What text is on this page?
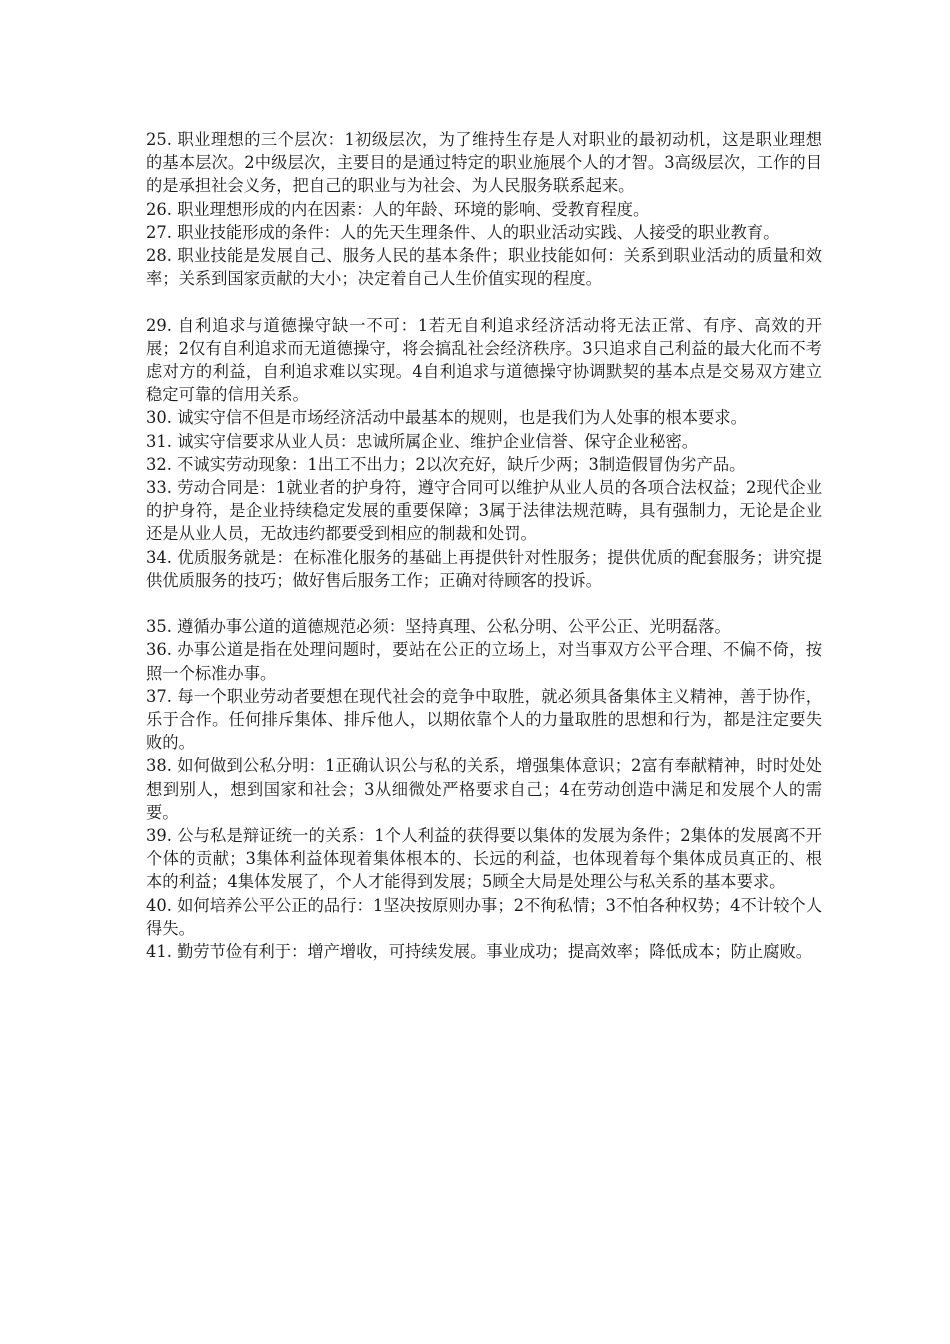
25. 职业理想的三个层次：1初级层次，为了维持生存是人对职业的最初动机，这是职业理想的基本层次。2中级层次，主要目的是通过特定的职业施展个人的才智。3高级层次，工作的目的是承担社会义务，把自己的职业与为社会、为人民服务联系起来。

26. 职业理想形成的内在因素：人的年龄、环境的影响、受教育程度。

27. 职业技能形成的条件：人的先天生理条件、人的职业活动实践、人接受的职业教育。

28. 职业技能是发展自己、服务人民的基本条件；职业技能如何：关系到职业活动的质量和效率；关系到国家贡献的大小；决定着自己人生价值实现的程度。

29. 自利追求与道德操守缺一不可：1若无自利追求经济活动将无法正常、有序、高效的开展；2仅有自利追求而无道德操守，将会搞乱社会经济秩序。3只追求自己利益的最大化而不考虑对方的利益，自利追求难以实现。4自利追求与道德操守协调默契的基本点是交易双方建立稳定可靠的信用关系。

30. 诚实守信不但是市场经济活动中最基本的规则，也是我们为人处事的根本要求。

31. 诚实守信要求从业人员：忠诚所属企业、维护企业信誉、保守企业秘密。

32. 不诚实劳动现象：1出工不出力；2以次充好，缺斤少两；3制造假冒伪劣产品。

33. 劳动合同是：1就业者的护身符，遵守合同可以维护从业人员的各项合法权益；2现代企业的护身符，是企业持续稳定发展的重要保障；3属于法律法规范畴，具有强制力，无论是企业还是从业人员，无故违约都要受到相应的制裁和处罚。

34. 优质服务就是：在标准化服务的基础上再提供针对性服务；提供优质的配套服务；讲究提供优质服务的技巧；做好售后服务工作；正确对待顾客的投诉。

35. 遵循办事公道的道德规范必须：坚持真理、公私分明、公平公正、光明磊落。

36. 办事公道是指在处理问题时，要站在公正的立场上，对当事双方公平合理、不偏不倚，按照一个标准办事。

37. 每一个职业劳动者要想在现代社会的竞争中取胜，就必须具备集体主义精神，善于协作，乐于合作。任何排斥集体、排斥他人，以期依靠个人的力量取胜的思想和行为，都是注定要失败的。

38. 如何做到公私分明：1正确认识公与私的关系，增强集体意识；2富有奉献精神，时时处处想到别人，想到国家和社会；3从细微处严格要求自己；4在劳动创造中满足和发展个人的需要。

39. 公与私是辩证统一的关系：1个人利益的获得要以集体的发展为条件；2集体的发展离不开个体的贡献；3集体利益体现着集体根本的、长远的利益，也体现着每个集体成员真正的、根本的利益；4集体发展了，个人才能得到发展；5顾全大局是处理公与私关系的基本要求。

40. 如何培养公平公正的品行：1坚决按原则办事；2不徇私情；3不怕各种权势；4不计较个人得失。

41. 勤劳节俭有利于：增产增收，可持续发展。事业成功；提高效率；降低成本；防止腐败。
